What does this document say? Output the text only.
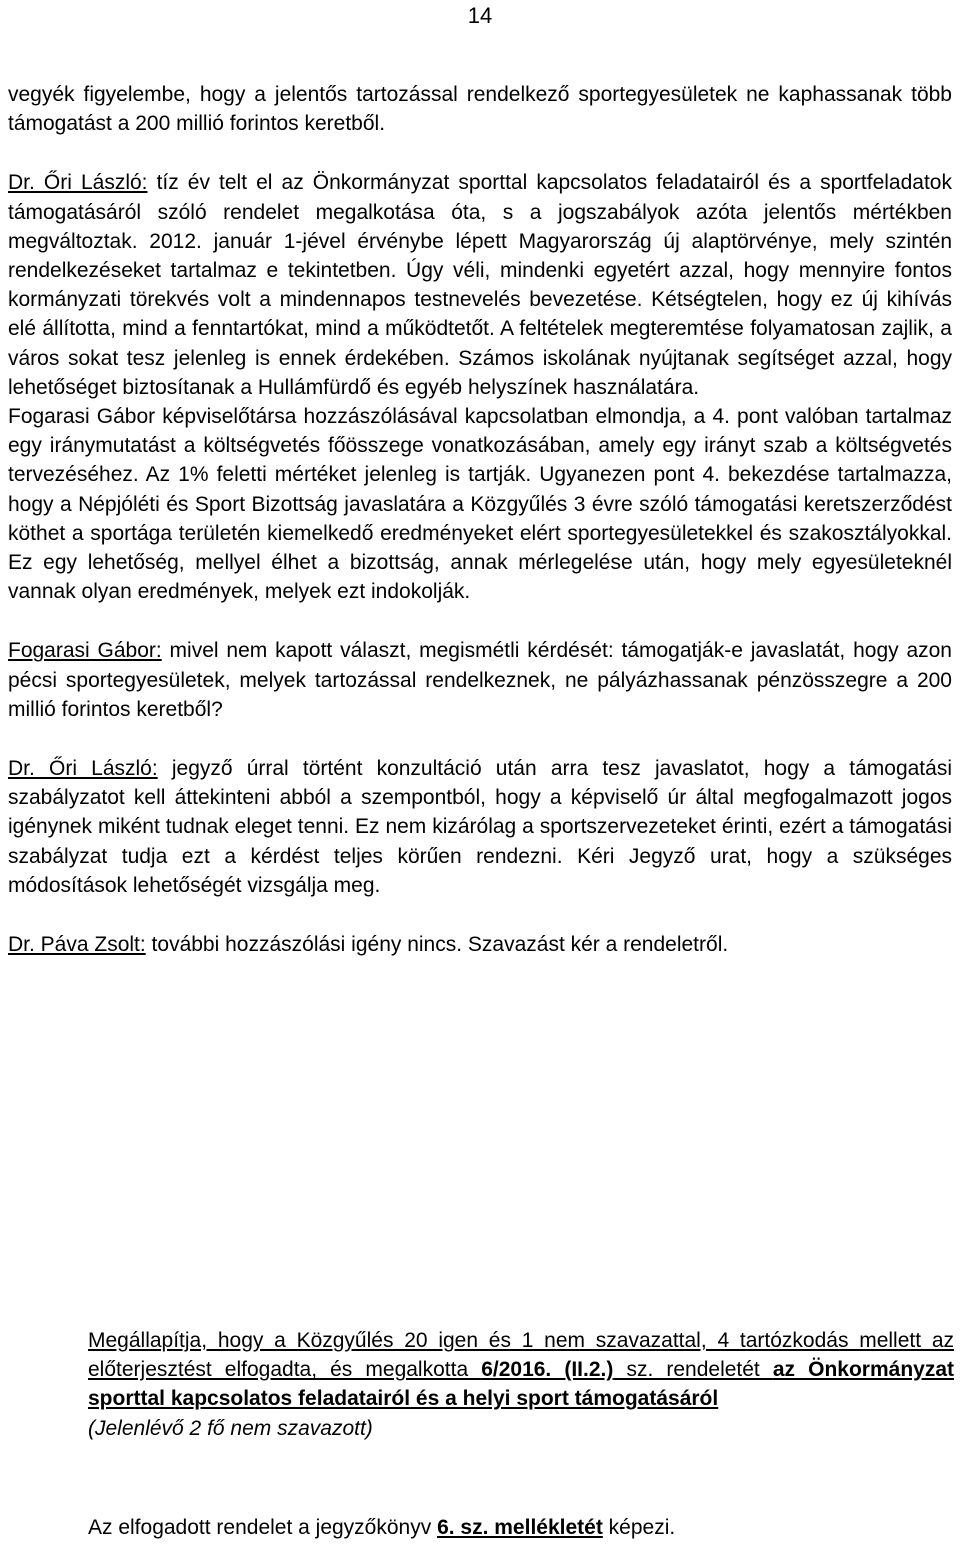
14

vegyék figyelembe, hogy a jelentős tartozással rendelkező sportegyesületek ne kaphassanak több támogatást a 200 millió forintos keretből.

Dr. Őri László: tíz év telt el az Önkormányzat sporttal kapcsolatos feladatairól és a sportfeladatok támogatásáról szóló rendelet megalkotása óta, s a jogszabályok azóta jelentős mértékben megváltoztak. 2012. január 1-jével érvénybe lépett Magyarország új alaptörvénye, mely szintén rendelkezéseket tartalmaz e tekintetben. Úgy véli, mindenki egyetért azzal, hogy mennyire fontos kormányzati törekvés volt a mindennapos testnevelés bevezetése. Kétségtelen, hogy ez új kihívás elé állította, mind a fenntartókat, mind a működtetőt. A feltételek megteremtése folyamatosan zajlik, a város sokat tesz jelenleg is ennek érdekében. Számos iskolának nyújtanak segítséget azzal, hogy lehetőséget biztosítanak a Hullámfürdő és egyéb helyszínek használatára.

Fogarasi Gábor képviselőtársa hozzászólásával kapcsolatban elmondja, a 4. pont valóban tartalmaz egy iránymutatást a költségvetés főösszege vonatkozásában, amely egy irányt szab a költségvetés tervezéséhez. Az 1% feletti mértéket jelenleg is tartják. Ugyanezen pont 4. bekezdése tartalmazza, hogy a Népjóléti és Sport Bizottság javaslatára a Közgyűlés 3 évre szóló támogatási keretszerződést köthet a sportága területén kiemelkedő eredményeket elért sportegyesületekkel és szakosztályokkal. Ez egy lehetőség, mellyel élhet a bizottság, annak mérlegelése után, hogy mely egyesületeknél vannak olyan eredmények, melyek ezt indokolják.

Fogarasi Gábor: mivel nem kapott választ, megismétli kérdését: támogatják-e javaslatát, hogy azon pécsi sportegyesületek, melyek tartozással rendelkeznek, ne pályázhassanak pénzösszegre a 200 millió forintos keretből?

Dr. Őri László: jegyző úrral történt konzultáció után arra tesz javaslatot, hogy a támogatási szabályzatot kell áttekinteni abból a szempontból, hogy a képviselő úr által megfogalmazott jogos igénynek miként tudnak eleget tenni. Ez nem kizárólag a sportszervezeteket érinti, ezért a támogatási szabályzat tudja ezt a kérdést teljes körűen rendezni. Kéri Jegyző urat, hogy a szükséges módosítások lehetőségét vizsgálja meg.

Dr. Páva Zsolt: további hozzászólási igény nincs. Szavazást kér a rendeletről.

Megállapítja, hogy a Közgyűlés 20 igen és 1 nem szavazattal, 4 tartózkodás mellett az előterjesztést elfogadta, és megalkotta 6/2016. (II.2.) sz. rendeletét az Önkormányzat sporttal kapcsolatos feladatairól és a helyi sport támogatásáról

(Jelenlévő 2 fő nem szavazott)

Az elfogadott rendelet a jegyzőkönyv 6. sz. mellékletét képezi.
